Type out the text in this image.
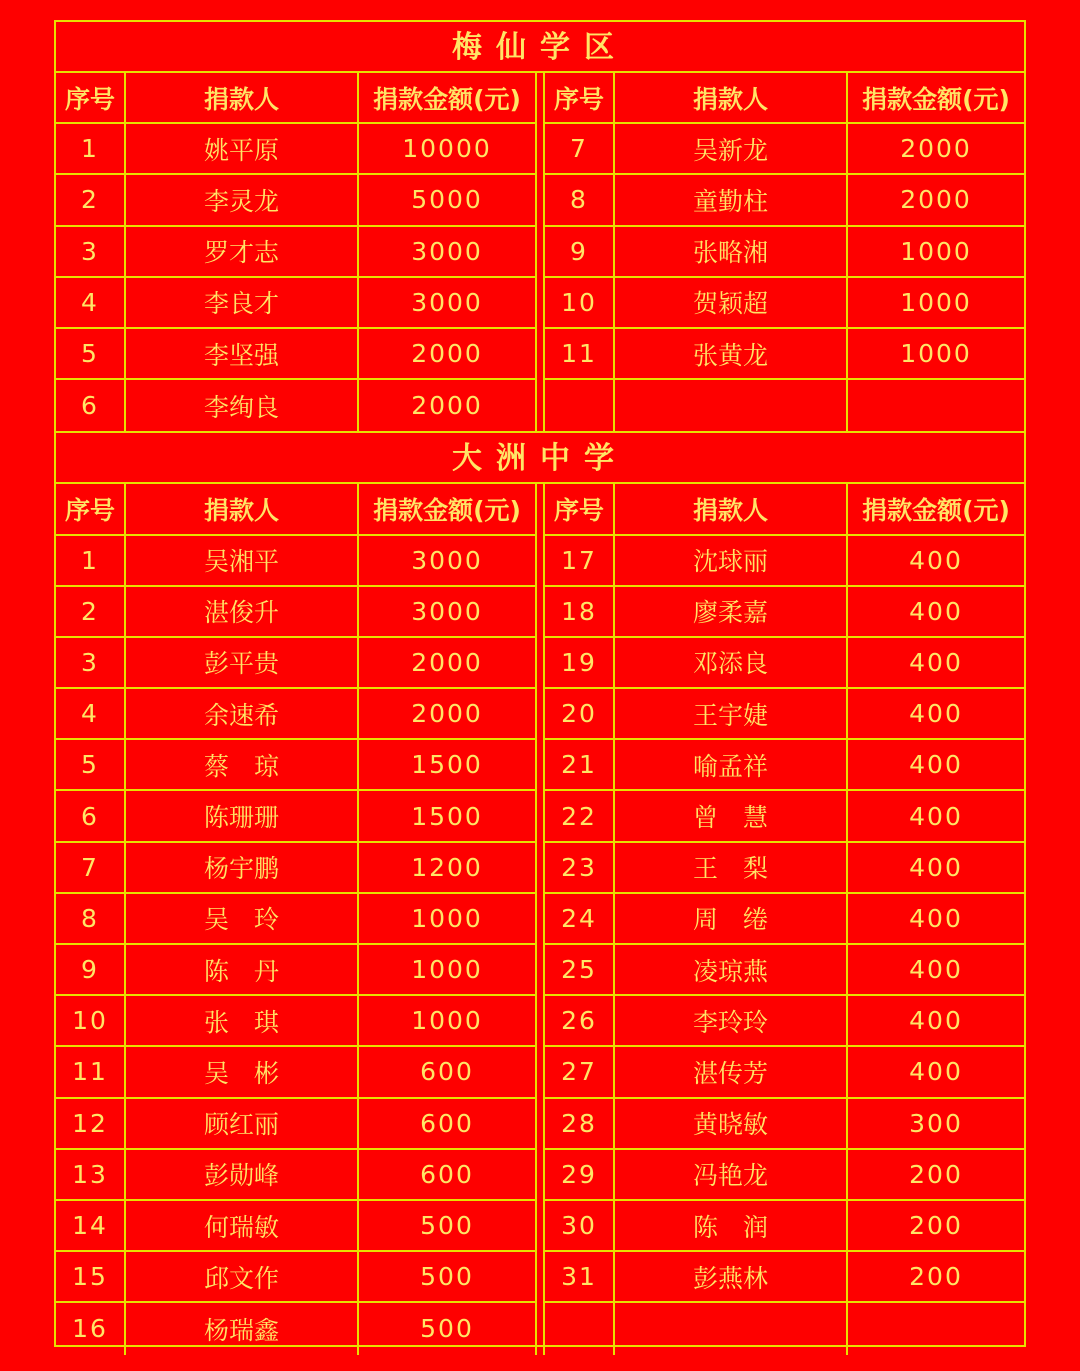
梅仙学区
序号	捐款人	捐款金额(元)
1	姚平原	10000
2	李灵龙	5000
3	罗才志	3000
4	李良才	3000
5	李坚强	2000
6	李绚良	2000
序号	捐款人	捐款金额(元)
7	吴新龙	2000
8	童勤柱	2000
9	张略湘	1000
10	贺颖超	1000
11	张黄龙	1000
大洲中学
序号	捐款人	捐款金额(元)
1	吴湘平	3000
2	湛俊升	3000
3	彭平贵	2000
4	余速希	2000
5	蔡　琼	1500
6	陈珊珊	1500
7	杨宇鹏	1200
8	吴　玲	1000
9	陈　丹	1000
10	张　琪	1000
11	吴　彬	600
12	顾红丽	600
13	彭勋峰	600
14	何瑞敏	500
15	邱文作	500
16	杨瑞鑫	500
序号	捐款人	捐款金额(元)
17	沈球丽	400
18	廖柔嘉	400
19	邓添良	400
20	王宇婕	400
21	喻孟祥	400
22	曾　慧	400
23	王　梨	400
24	周　绻	400
25	凌琼燕	400
26	李玲玲	400
27	湛传芳	400
28	黄晓敏	300
29	冯艳龙	200
30	陈　润	200
31	彭燕林	200
